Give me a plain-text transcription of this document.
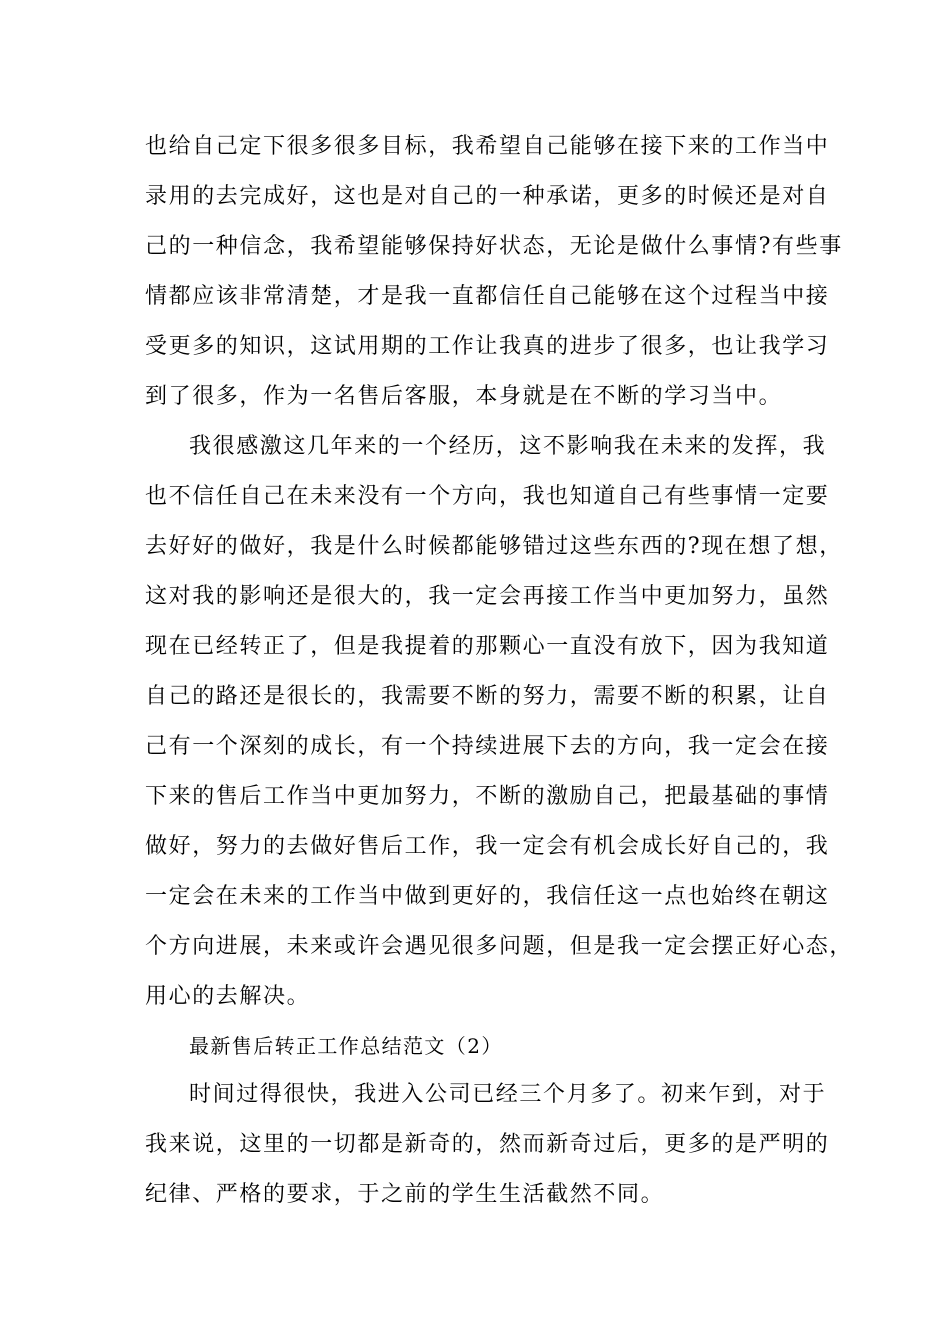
也给自己定下很多很多目标，我希望自己能够在接下来的工作当中
录用的去完成好，这也是对自己的一种承诺，更多的时候还是对自
己的一种信念，我希望能够保持好状态，无论是做什么事情?有些事
情都应该非常清楚，才是我一直都信任自己能够在这个过程当中接
受更多的知识，这试用期的工作让我真的进步了很多，也让我学习
到了很多，作为一名售后客服，本身就是在不断的学习当中。
我很感激这几年来的一个经历，这不影响我在未来的发挥，我
也不信任自己在未来没有一个方向，我也知道自己有些事情一定要
去好好的做好，我是什么时候都能够错过这些东西的?现在想了想，
这对我的影响还是很大的，我一定会再接工作当中更加努力，虽然
现在已经转正了，但是我提着的那颗心一直没有放下，因为我知道
自己的路还是很长的，我需要不断的努力，需要不断的积累，让自
己有一个深刻的成长，有一个持续进展下去的方向，我一定会在接
下来的售后工作当中更加努力，不断的激励自己，把最基础的事情
做好，努力的去做好售后工作，我一定会有机会成长好自己的，我
一定会在未来的工作当中做到更好的，我信任这一点也始终在朝这
个方向进展，未来或许会遇见很多问题，但是我一定会摆正好心态，
用心的去解决。
最新售后转正工作总结范文（2）
时间过得很快，我进入公司已经三个月多了。初来乍到，对于
我来说，这里的一切都是新奇的，然而新奇过后，更多的是严明的
纪律、严格的要求，于之前的学生生活截然不同。
